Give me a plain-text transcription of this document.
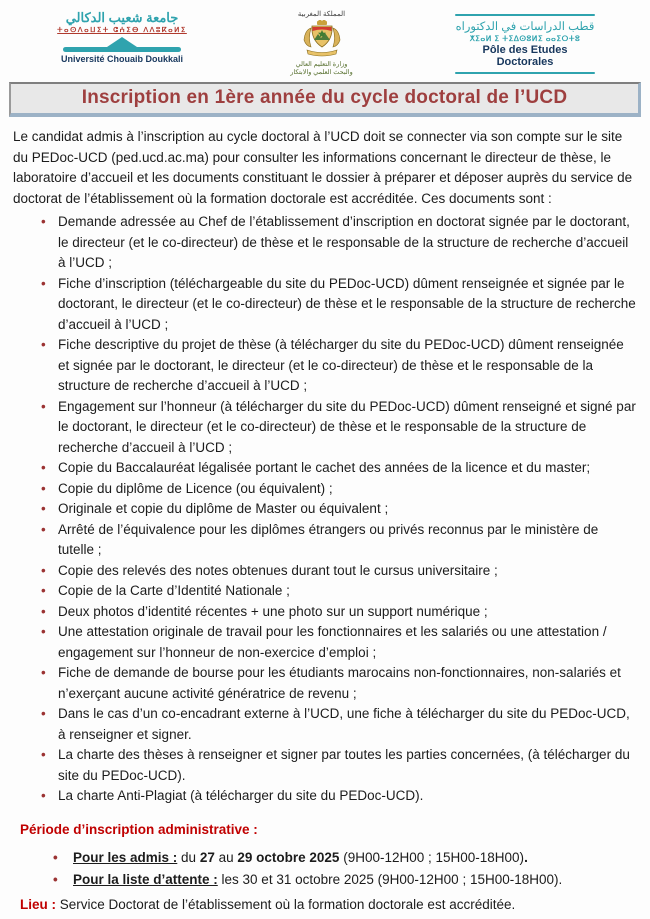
جامعة شعيب الدكالي
ⵜⴰⵙⴷⴰⵡⵉⵜ ⵛⵄⵉⴱ ⴷⴷⵓⴽⴰⵍⵉ
Université Chouaib Doukkali
المملكة المغربية
وزارة التعليم العالي
والبحث العلمي والابتكار
قطب الدراسات في الدكتوراه
ⵅⵉⴰⵍ ⵉ ⵜⵉⵠⵙⵓⵍⵉ ⴰⴰⵉⵔⵜⵓ
Pôle des Etudes Doctorales
Inscription en 1ère année du cycle doctoral de l’UCD

Le candidat admis à l’inscription au cycle doctoral à l’UCD doit se connecter via son compte sur le site du PEDoc-UCD (ped.ucd.ac.ma) pour consulter les informations concernant le directeur de thèse, le laboratoire d’accueil et les documents constituant le dossier à préparer et déposer auprès du service de doctorat de l’établissement où la formation doctorale est accréditée. Ces documents sont :

• Demande adressée au Chef de l’établissement d’inscription en doctorat signée par le doctorant, le directeur (et le co-directeur) de thèse et le responsable de la structure de recherche d’accueil à l’UCD ;
• Fiche d’inscription (téléchargeable du site du PEDoc-UCD) dûment renseignée et signée par le doctorant, le directeur (et le co-directeur) de thèse et le responsable de la structure de recherche d’accueil à l’UCD ;
• Fiche descriptive du projet de thèse (à télécharger du site du PEDoc-UCD) dûment renseignée et signée par le doctorant, le directeur (et le co-directeur) de thèse et le responsable de la structure de recherche d’accueil à l’UCD ;
• Engagement sur l’honneur (à télécharger du site du PEDoc-UCD) dûment renseigné et signé par le doctorant, le directeur (et le co-directeur) de thèse et le responsable de la structure de recherche d’accueil à l’UCD ;
• Copie du Baccalauréat légalisée portant le cachet des années de la licence et du master;
• Copie du diplôme de Licence (ou équivalent) ;
• Originale et copie du diplôme de Master ou équivalent ;
• Arrêté de l’équivalence pour les diplômes étrangers ou privés reconnus par le ministère de tutelle ;
• Copie des relevés des notes obtenues durant tout le cursus universitaire ;
• Copie de la Carte d’Identité Nationale ;
• Deux photos d’identité récentes + une photo sur un support numérique ;
• Une attestation originale de travail pour les fonctionnaires et les salariés ou une attestation / engagement sur l’honneur de non-exercice d’emploi ;
• Fiche de demande de bourse pour les étudiants marocains non-fonctionnaires, non-salariés et n’exerçant aucune activité génératrice de revenu ;
• Dans le cas d’un co-encadrant externe à l’UCD, une fiche à télécharger du site du PEDoc-UCD, à renseigner et signer.
• La charte des thèses à renseigner et signer par toutes les parties concernées, (à télécharger du site du PEDoc-UCD).
• La charte Anti-Plagiat (à télécharger du site du PEDoc-UCD).

Période d’inscription administrative :

• Pour les admis : du 27 au 29 octobre 2025 (9H00-12H00 ; 15H00-18H00).
• Pour la liste d’attente : les 30 et 31 octobre 2025 (9H00-12H00 ; 15H00-18H00).

Lieu : Service Doctorat de l’établissement où la formation doctorale est accréditée.
